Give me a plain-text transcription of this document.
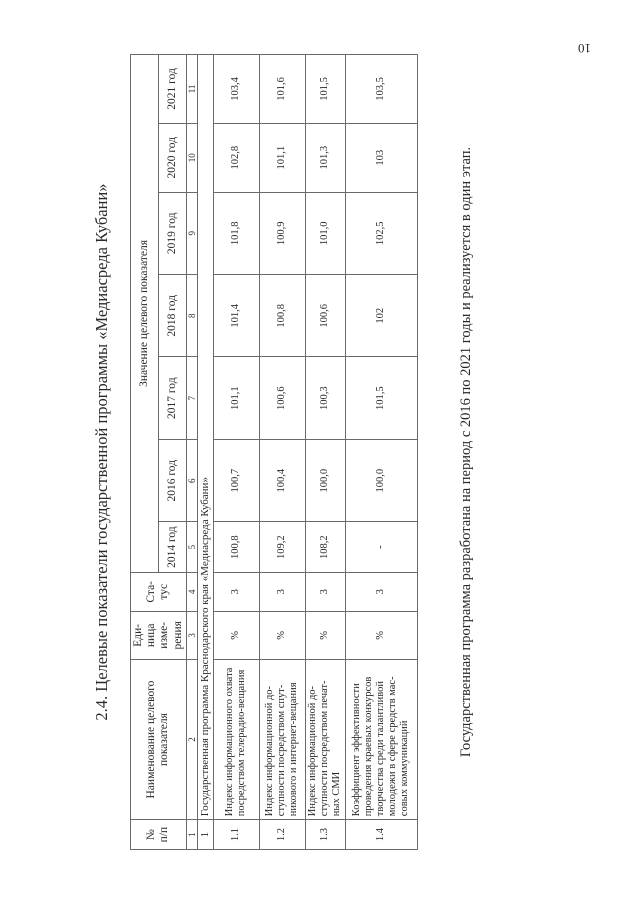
10
2.4. Целевые показатели государственной программы «Медиасреда Кубани»
№ п/п	Наименование целевого показателя	Еди-ница изме-рения	Ста-тус	Значение целевого показателя						
				2014 год	2016 год	2017 год	2018 год	2019 год	2020 год	2021 год
1	2	3	4	5	6	7	8	9	10	11
1	Государственная программа Краснодарского края «Медиасреда Кубани»									
1.1	Индекс информационного охвата посредством телерадио-вещания	%	3	100,8	100,7	101,1	101,4	101,8	102,8	103,4
1.2	Индекс информационной до-ступности посредством спут-никового и интернет-вещания	%	3	109,2	100,4	100,6	100,8	100,9	101,1	101,6
1.3	Индекс информационной до-ступности посредством печат-ных СМИ	%	3	108,2	100,0	100,3	100,6	101,0	101,3	101,5
1.4	Коэффициент эффективности проведения краевых конкурсов творчества среди талантливой молодежи в сфере средств мас-совых коммуникаций	%	3	-	100,0	101,5	102	102,5	103	103,5
Государственная программа разработана на период с 2016 по 2021 годы и реализуется в один этап.
